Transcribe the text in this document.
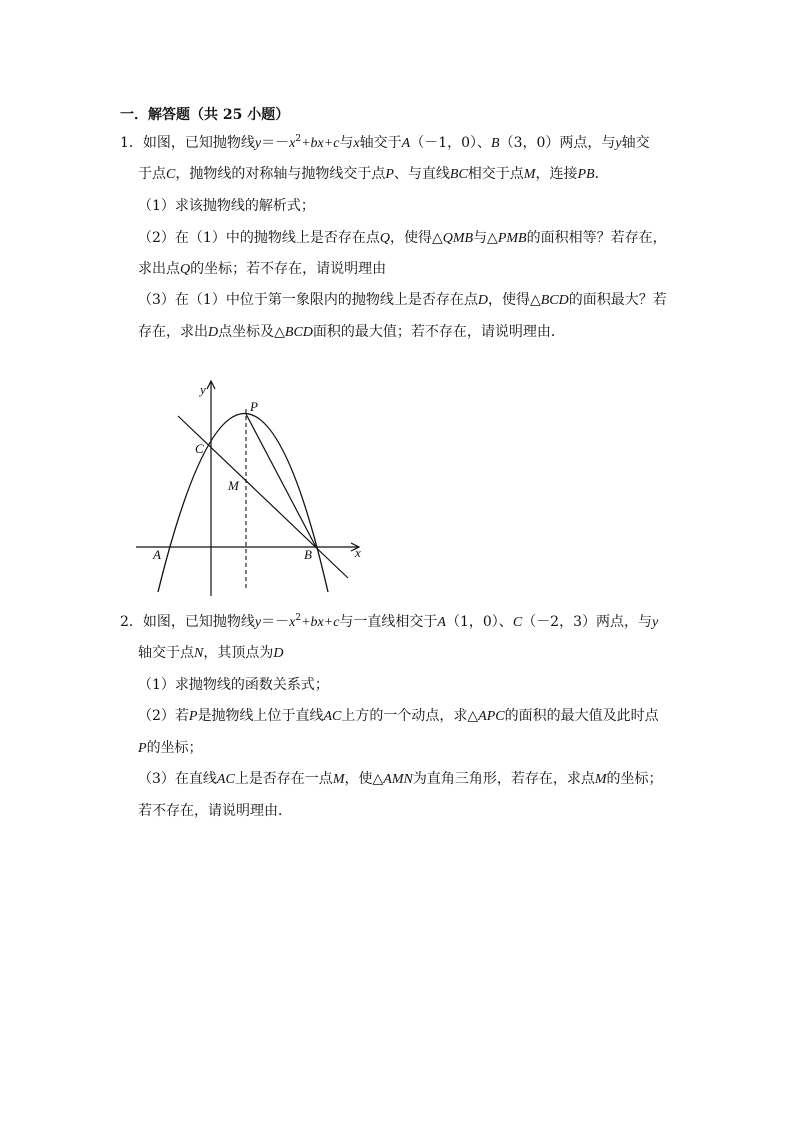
一．解答题（共 25 小题）
1．如图，已知抛物线$y=-x^2+bx+c$与x轴交于A（－1，0）、B（3，0）两点，与y轴交
于点C，抛物线的对称轴与抛物线交于点P、与直线BC相交于点M，连接PB．
（1）求该抛物线的解析式；
（2）在（1）中的抛物线上是否存在点Q，使得△QMB与△PMB的面积相等？若存在，
求出点Q的坐标；若不存在，请说明理由
（3）在（1）中位于第一象限内的抛物线上是否存在点D，使得△BCD的面积最大？若
存在，求出D点坐标及△BCD面积的最大值；若不存在，请说明理由．
y
x
P
C
M
A	B
2．如图，已知抛物线$y=-x^2+bx+c$与一直线相交于A（1，0）、C（－2，3）两点，与y
轴交于点N，其顶点为D
（1）求抛物线的函数关系式；
（2）若P是抛物线上位于直线AC上方的一个动点，求△APC的面积的最大值及此时点
P的坐标；
（3）在直线AC上是否存在一点M，使△AMN为直角三角形，若存在，求点M的坐标；
若不存在，请说明理由．
